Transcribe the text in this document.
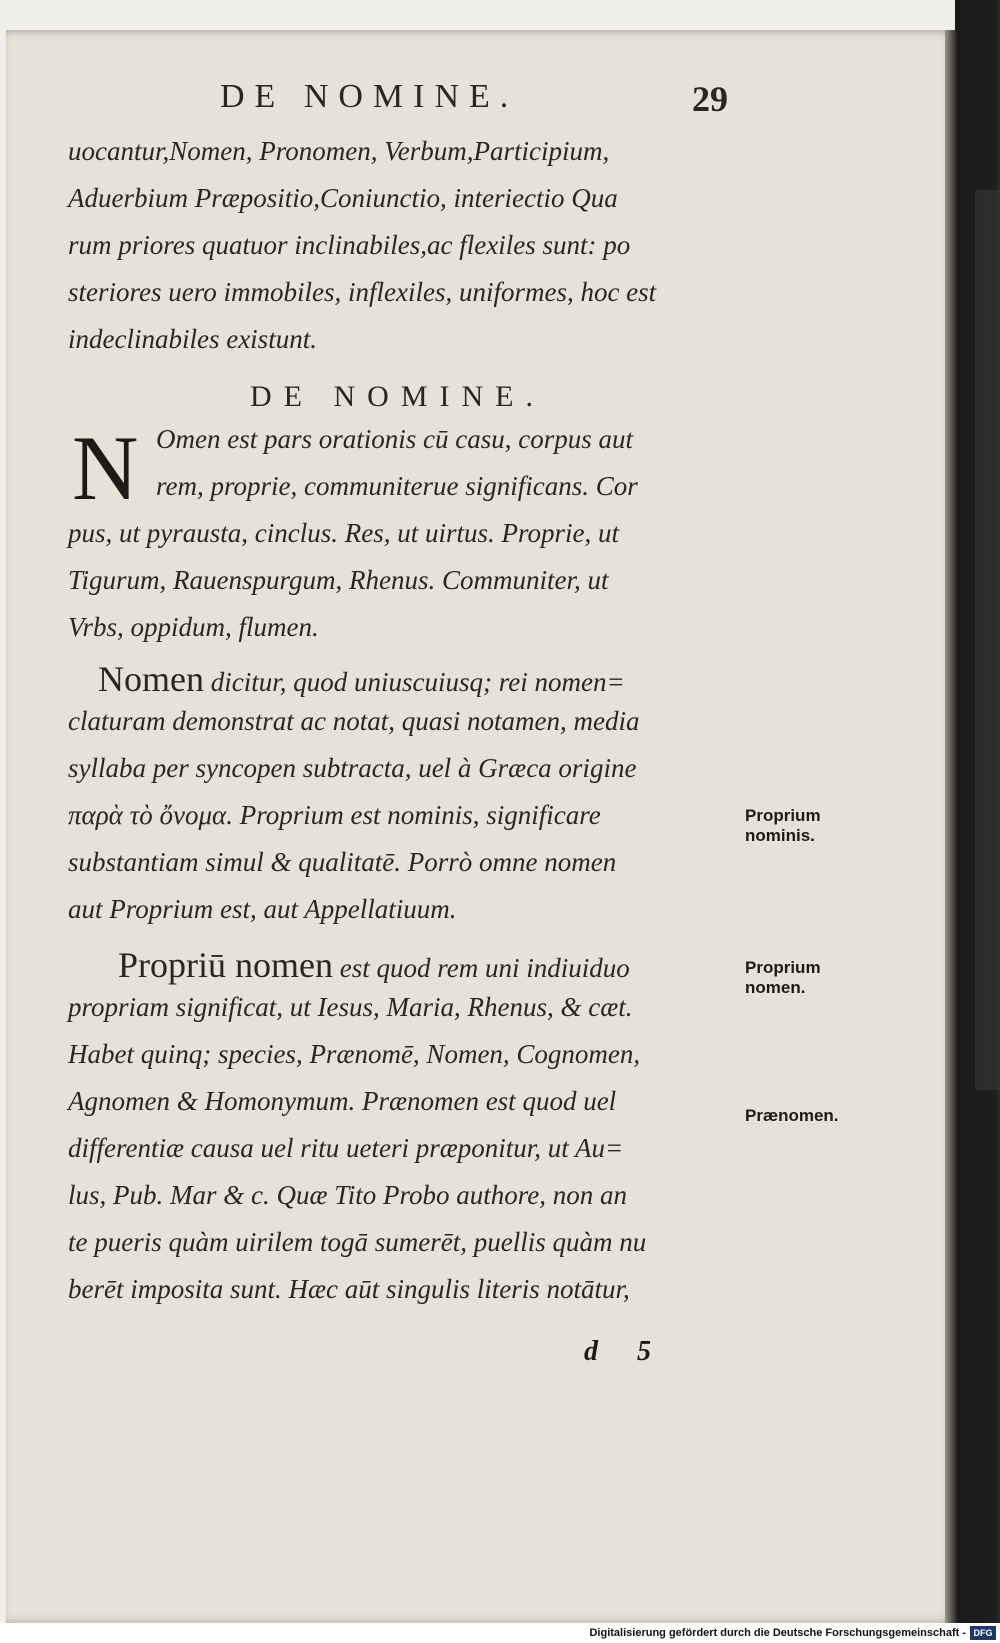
DE NOMINE.	29
uocantur,Nomen, Pronomen, Verbum,Participium,
Aduerbium Præpositio,Coniunctio, interiectio Qua
rum priores quatuor inclinabiles,ac flexiles sunt: po
steriores uero immobiles, inflexiles, uniformes, hoc est
indeclinabiles existunt.
DE NOMINE.
N Omen est pars orationis cū casu, corpus aut
rem, proprie, communiterue significans. Cor
pus, ut pyrausta, cinclus. Res, ut uirtus. Proprie, ut
Tigurum, Rauenspurgum, Rhenus. Communiter, ut
Vrbs, oppidum, flumen.
Nomen dicitur, quod uniuscuiusq; rei nomen=
claturam demonstrat ac notat, quasi notamen, media
syllaba per syncopen subtracta, uel à Græca origine
παρὰ τὸ ὄνομα. Proprium est nominis, significare
substantiam simul & qualitatē. Porrò omne nomen
aut Proprium est, aut Appellatiuum.
Propriū nomen est quod rem uni indiuiduo
propriam significat, ut Iesus, Maria, Rhenus, & cæt.
Habet quinq; species, Prænomē, Nomen, Cognomen,
Agnomen & Homonymum. Prænomen est quod uel
differentiæ causa uel ritu ueteri præponitur, ut Au=
lus, Pub. Mar & c. Quæ Tito Probo authore, non an
te pueris quàm uirilem togā sumerēt, puellis quàm nu
berēt imposita sunt. Hæc aūt singulis literis notātur,
Proprium
nominis.
Proprium
nomen.
Prænomen.
d 5
Digitalisierung gefördert durch die Deutsche Forschungsgemeinschaft - DFG
